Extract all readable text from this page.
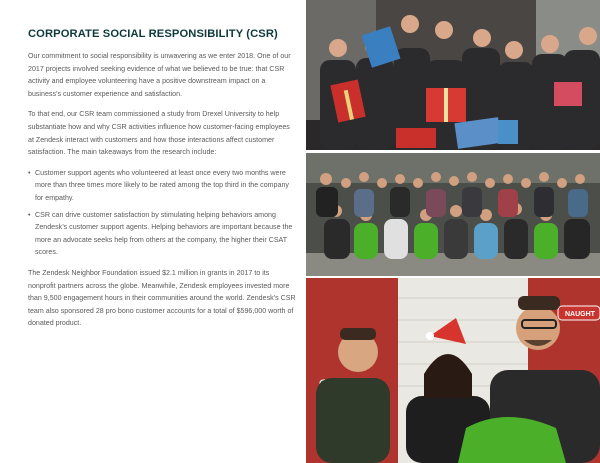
CORPORATE SOCIAL RESPONSIBILITY (CSR)

Our commitment to social responsibility is unwavering as we enter 2018. One of our 2017 projects involved seeking evidence of what we believed to be true: that CSR activity and employee volunteering have a positive downstream impact on a business’s customer experience and satisfaction.

To that end, our CSR team commissioned a study from Drexel University to help substantiate how and why CSR activities influence how customer-facing employees at Zendesk interact with customers and how those interactions affect customer satisfaction. The main takeaways from the research include:

• Customer support agents who volunteered at least once every two months were more than three times more likely to be rated among the top third in the company for empathy.
• CSR can drive customer satisfaction by stimulating helping behaviors among Zendesk’s customer support agents. Helping behaviors are important because the more an advocate seeks help from others at the company, the higher their CSAT scores.

The Zendesk Neighbor Foundation issued $2.1 million in grants in 2017 to its nonprofit partners across the globe. Meanwhile, Zendesk employees invested more than 9,500 engagement hours in their communities around the world. Zendesk’s CSR team also sponsored 28 pro bono customer accounts for a total of $596,000 worth of donated product.

NAUGHT
